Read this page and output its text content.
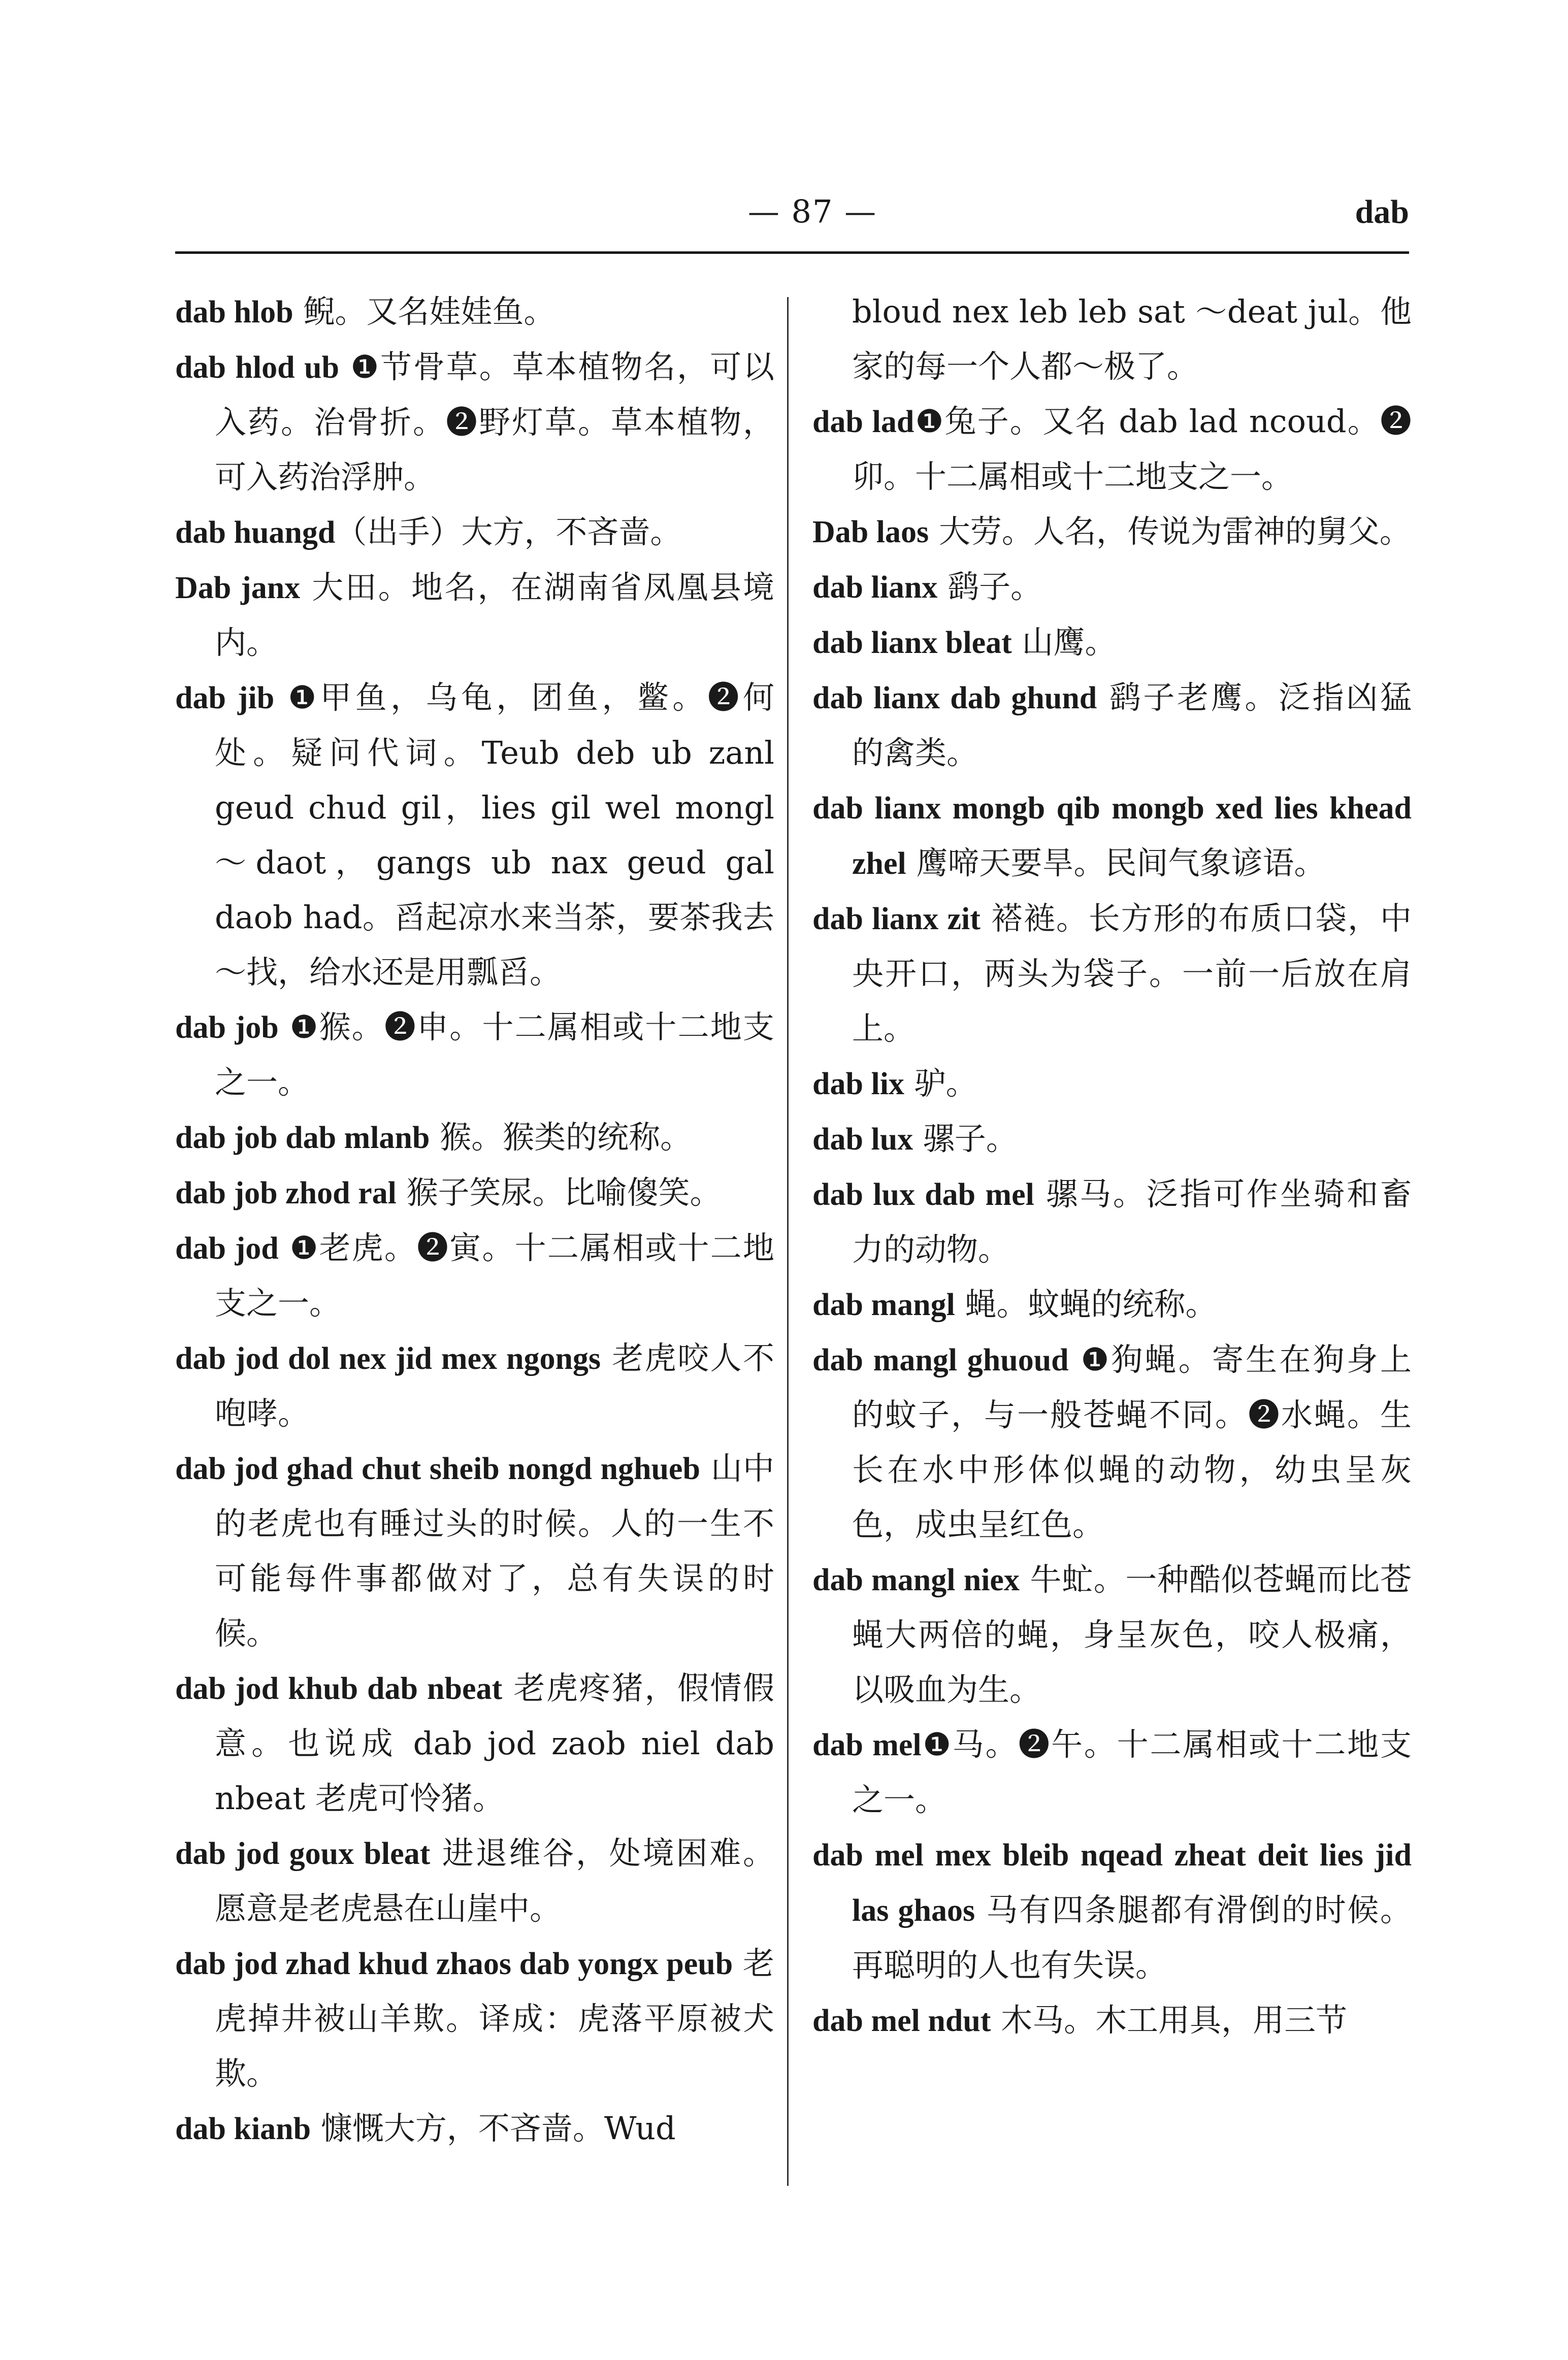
— 87 —	dab

dab hlob 鲵。又名娃娃鱼。

dab hlod ub ❶节骨草。草本植物名，可以入药。治骨折。❷野灯草。草本植物，可入药治浮肿。

dab huangd（出手）大方，不吝啬。

Dab janx 大田。地名，在湖南省凤凰县境内。

dab jib ❶甲鱼，乌龟，团鱼，鳖。❷何处。疑问代词。Teub deb ub zanl geud chud gil，lies gil wel mongl～daot，gangs ub nax geud gal daob had。舀起凉水来当茶，要茶我去～找，给水还是用瓢舀。

dab job ❶猴。❷申。十二属相或十二地支之一。

dab job dab mlanb 猴。猴类的统称。

dab job zhod ral 猴子笑尿。比喻傻笑。

dab jod ❶老虎。❷寅。十二属相或十二地支之一。

dab jod dol nex jid mex ngongs 老虎咬人不咆哮。

dab jod ghad chut sheib nongd nghueb 山中的老虎也有睡过头的时候。人的一生不可能每件事都做对了，总有失误的时候。

dab jod khub dab nbeat 老虎疼猪，假情假意。也说成 dab jod zaob niel dab nbeat 老虎可怜猪。

dab jod goux bleat 进退维谷，处境困难。愿意是老虎悬在山崖中。

dab jod zhad khud zhaos dab yongx peub 老虎掉井被山羊欺。译成：虎落平原被犬欺。

dab kianb 慷慨大方，不吝啬。Wud

bloud nex leb leb sat ～deat jul。他家的每一个人都～极了。

dab lad❶兔子。又名 dab lad ncoud。❷卯。十二属相或十二地支之一。

Dab laos 大劳。人名，传说为雷神的舅父。

dab lianx 鹞子。

dab lianx bleat 山鹰。

dab lianx dab ghund 鹞子老鹰。泛指凶猛的禽类。

dab lianx mongb qib mongb xed lies khead zhel 鹰啼天要旱。民间气象谚语。

dab lianx zit 褡裢。长方形的布质口袋，中央开口，两头为袋子。一前一后放在肩上。

dab lix 驴。

dab lux 骡子。

dab lux dab mel 骡马。泛指可作坐骑和畜力的动物。

dab mangl 蝇。蚊蝇的统称。

dab mangl ghuoud ❶狗蝇。寄生在狗身上的蚊子，与一般苍蝇不同。❷水蝇。生长在水中形体似蝇的动物，幼虫呈灰色，成虫呈红色。

dab mangl niex 牛虻。一种酷似苍蝇而比苍蝇大两倍的蝇，身呈灰色，咬人极痛，以吸血为生。

dab mel❶马。❷午。十二属相或十二地支之一。

dab mel mex bleib nqead zheat deit lies jid las ghaos 马有四条腿都有滑倒的时候。再聪明的人也有失误。

dab mel ndut 木马。木工用具，用三节
